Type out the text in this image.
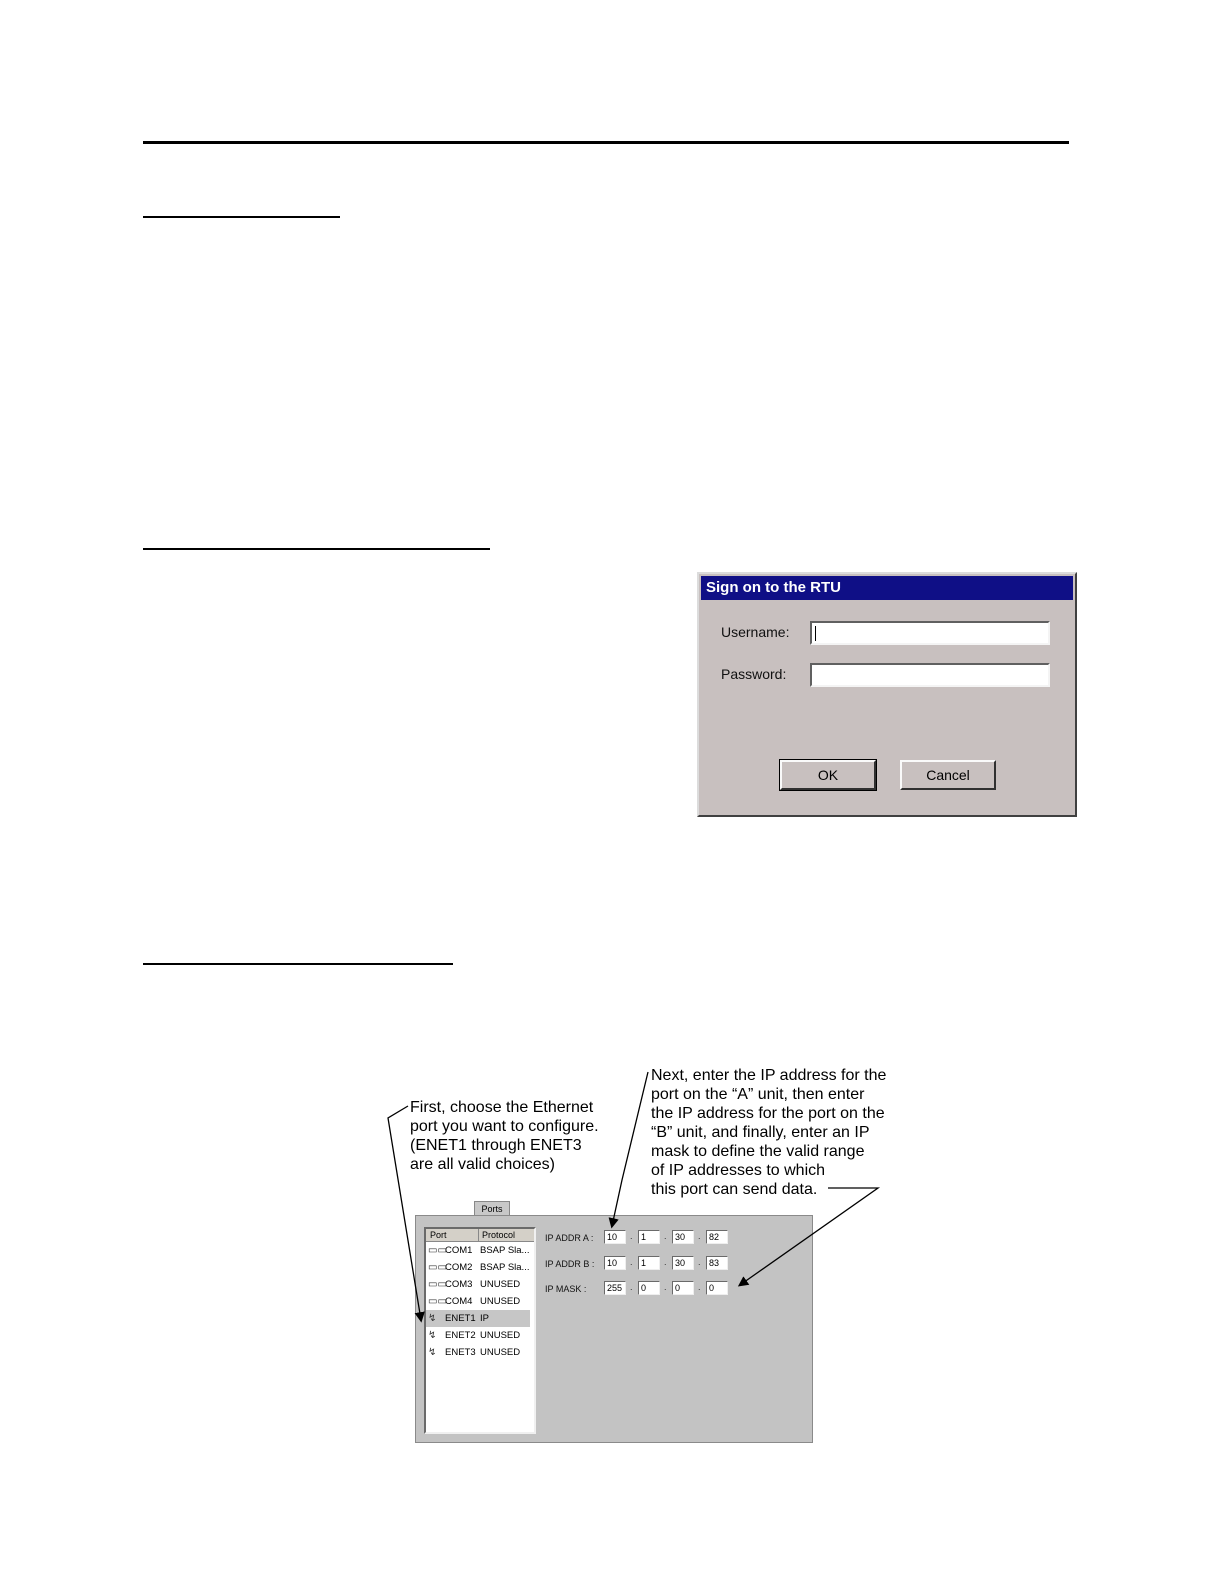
Sign on to the RTU
Username:
Password:
OK	Cancel
First, choose the Ethernet
port you want to configure.
(ENET1 through ENET3
are all valid choices)
Next, enter the IP address for the
port on the “A” unit, then enter
the IP address for the port on the
“B” unit, and finally, enter an IP
mask to define the valid range
of IP addresses to which
this port can send data.
Ports
Port	Protocol
▭▭
COM1 BSAP Sla...
▭▭
COM2 BSAP Sla...
▭▭
COM3 UNUSED
▭▭
COM4 UNUSED
↯ ENET1 IP
↯ ENET2 UNUSED
↯ ENET3 UNUSED
IP ADDR A :	10	. 1	. 30	. 82
IP ADDR B :	10	. 1	. 30	. 83
IP MASK :	255 . 0	. 0	. 0
